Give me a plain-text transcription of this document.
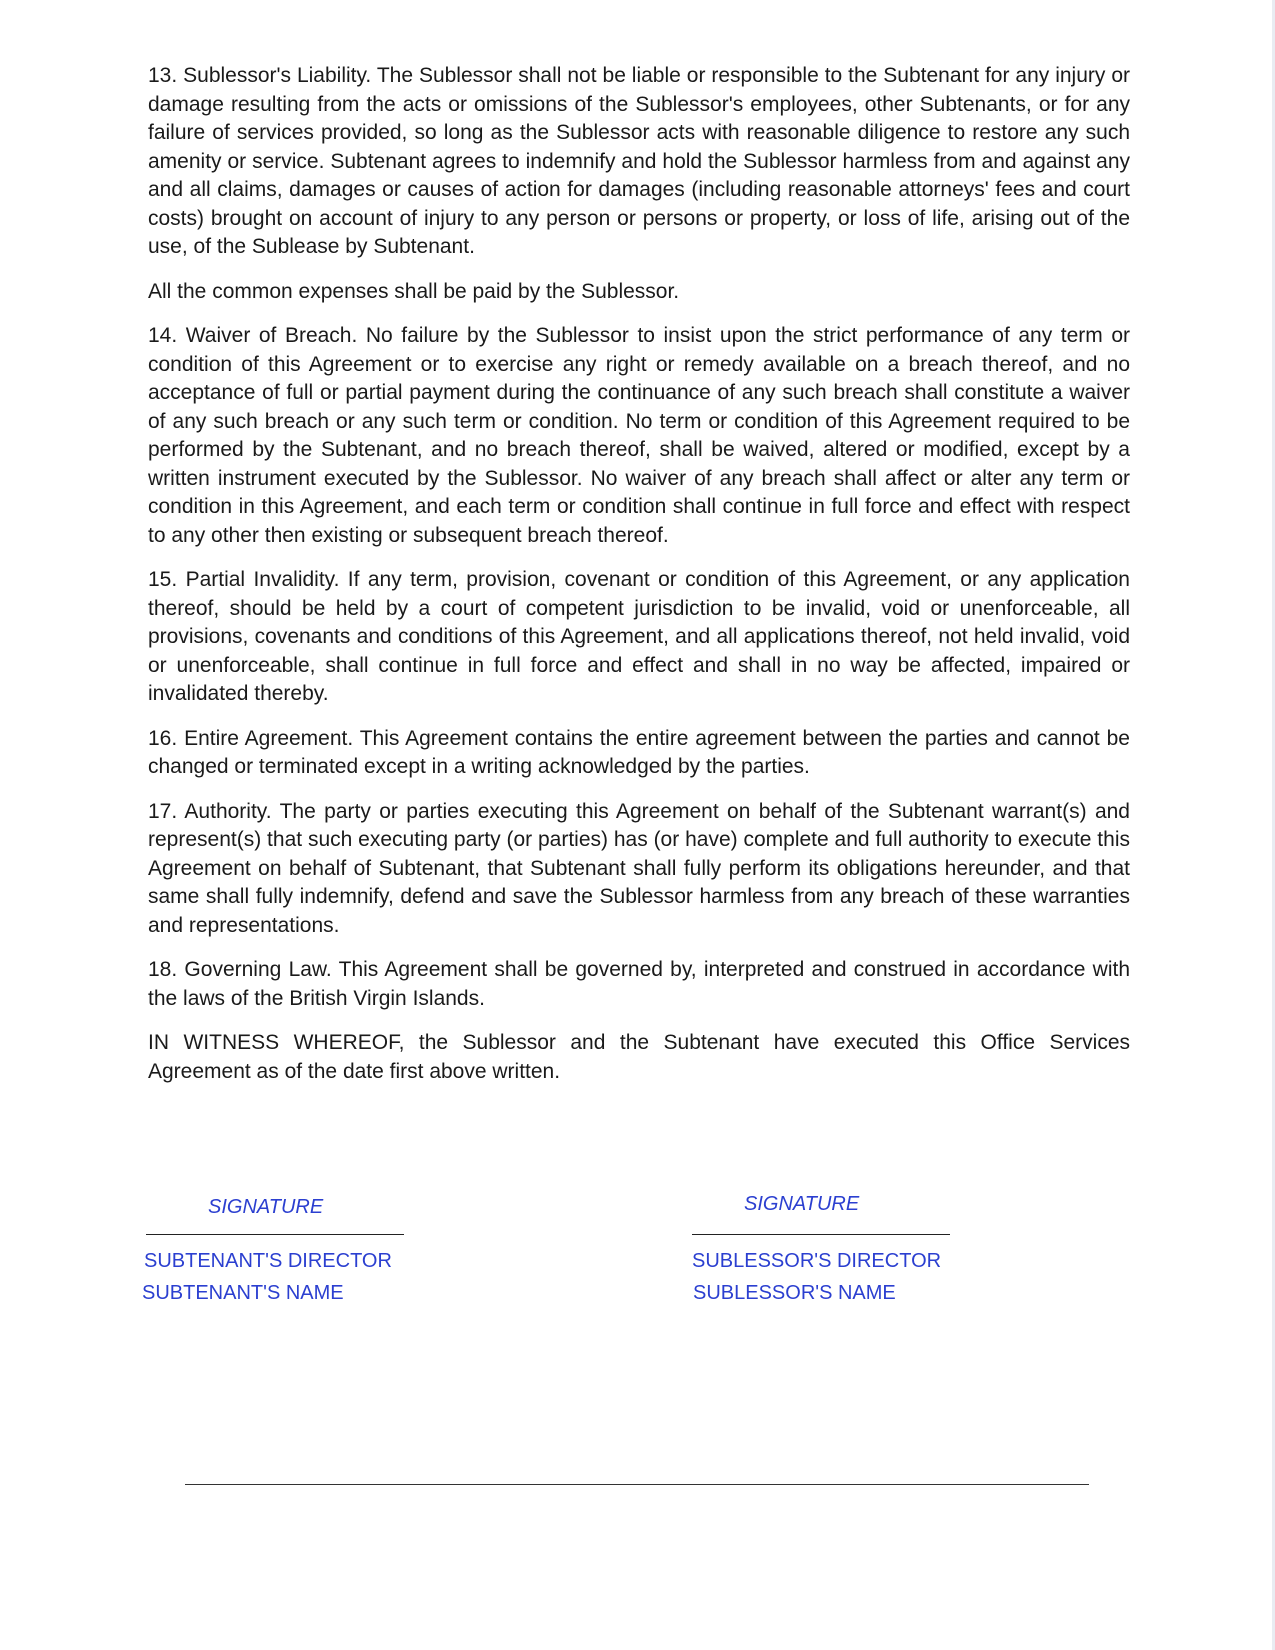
13. Sublessor's Liability. The Sublessor shall not be liable or responsible to the Subtenant for any injury or damage resulting from the acts or omissions of the Sublessor's employees, other Subtenants, or for any failure of services provided, so long as the Sublessor acts with reasonable diligence to restore any such amenity or service. Subtenant agrees to indemnify and hold the Sublessor harmless from and against any and all claims, damages or causes of action for damages (including reasonable attorneys' fees and court costs) brought on account of injury to any person or persons or property, or loss of life, arising out of the use, of the Sublease by Subtenant.

All the common expenses shall be paid by the Sublessor.

14. Waiver of Breach. No failure by the Sublessor to insist upon the strict performance of any term or condition of this Agreement or to exercise any right or remedy available on a breach thereof, and no acceptance of full or partial payment during the continuance of any such breach shall constitute a waiver of any such breach or any such term or condition. No term or condition of this Agreement required to be performed by the Subtenant, and no breach thereof, shall be waived, altered or modified, except by a written instrument executed by the Sublessor. No waiver of any breach shall affect or alter any term or condition in this Agreement, and each term or condition shall continue in full force and effect with respect to any other then existing or subsequent breach thereof.

15. Partial Invalidity. If any term, provision, covenant or condition of this Agreement, or any application thereof, should be held by a court of competent jurisdiction to be invalid, void or unenforceable, all provisions, covenants and conditions of this Agreement, and all applications thereof, not held invalid, void or unenforceable, shall continue in full force and effect and shall in no way be affected, impaired or invalidated thereby.

16. Entire Agreement. This Agreement contains the entire agreement between the parties and cannot be changed or terminated except in a writing acknowledged by the parties.

17. Authority. The party or parties executing this Agreement on behalf of the Subtenant warrant(s) and represent(s) that such executing party (or parties) has (or have) complete and full authority to execute this Agreement on behalf of Subtenant, that Subtenant shall fully perform its obligations hereunder, and that same shall fully indemnify, defend and save the Sublessor harmless from any breach of these warranties and representations.

18. Governing Law. This Agreement shall be governed by, interpreted and construed in accordance with the laws of the British Virgin Islands.

IN WITNESS WHEREOF, the Sublessor and the Subtenant have executed this Office Services Agreement as of the date first above written.

SIGNATURE
SUBTENANT'S DIRECTOR
SUBTENANT'S NAME
SIGNATURE
SUBLESSOR'S DIRECTOR
SUBLESSOR'S NAME
